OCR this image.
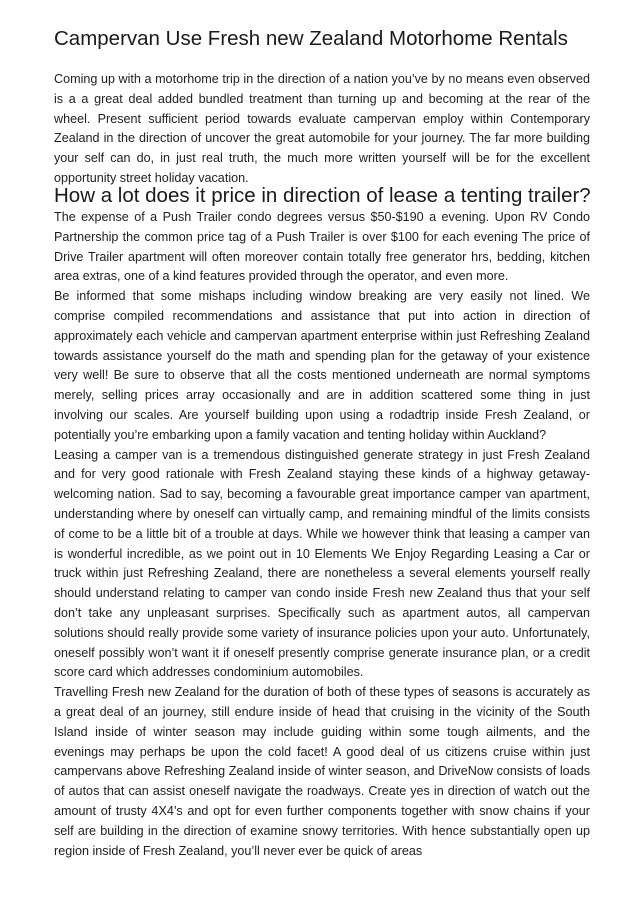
Campervan Use Fresh new Zealand Motorhome Rentals

Coming up with a motorhome trip in the direction of a nation you’ve by no means even observed is a a great deal added bundled treatment than turning up and becoming at the rear of the wheel. Present sufficient period towards evaluate campervan employ within Contemporary Zealand in the direction of uncover the great automobile for your journey. The far more building your self can do, in just real truth, the much more written yourself will be for the excellent opportunity street holiday vacation.

How a lot does it price in direction of lease a tenting trailer?

The expense of a Push Trailer condo degrees versus $50-$190 a evening. Upon RV Condo Partnership the common price tag of a Push Trailer is over $100 for each evening The price of Drive Trailer apartment will often moreover contain totally free generator hrs, bedding, kitchen area extras, one of a kind features provided through the operator, and even more.

Be informed that some mishaps including window breaking are very easily not lined. We comprise compiled recommendations and assistance that put into action in direction of approximately each vehicle and campervan apartment enterprise within just Refreshing Zealand towards assistance yourself do the math and spending plan for the getaway of your existence very well! Be sure to observe that all the costs mentioned underneath are normal symptoms merely, selling prices array occasionally and are in addition scattered some thing in just involving our scales. Are yourself building upon using a rodadtrip inside Fresh Zealand, or potentially you’re embarking upon a family vacation and tenting holiday within Auckland?

Leasing a camper van is a tremendous distinguished generate strategy in just Fresh Zealand and for very good rationale with Fresh Zealand staying these kinds of a highway getaway-welcoming nation. Sad to say, becoming a favourable great importance camper van apartment, understanding where by oneself can virtually camp, and remaining mindful of the limits consists of come to be a little bit of a trouble at days. While we however think that leasing a camper van is wonderful incredible, as we point out in 10 Elements We Enjoy Regarding Leasing a Car or truck within just Refreshing Zealand, there are nonetheless a several elements yourself really should understand relating to camper van condo inside Fresh new Zealand thus that your self don’t take any unpleasant surprises. Specifically such as apartment autos, all campervan solutions should really provide some variety of insurance policies upon your auto. Unfortunately, oneself possibly won’t want it if oneself presently comprise generate insurance plan, or a credit score card which addresses condominium automobiles.

Travelling Fresh new Zealand for the duration of both of these types of seasons is accurately as a great deal of an journey, still endure inside of head that cruising in the vicinity of the South Island inside of winter season may include guiding within some tough ailments, and the evenings may perhaps be upon the cold facet! A good deal of us citizens cruise within just campervans above Refreshing Zealand inside of winter season, and DriveNow consists of loads of autos that can assist oneself navigate the roadways. Create yes in direction of watch out the amount of trusty 4X4’s and opt for even further components together with snow chains if your self are building in the direction of examine snowy territories. With hence substantially open up region inside of Fresh Zealand, you’ll never ever be quick of areas
